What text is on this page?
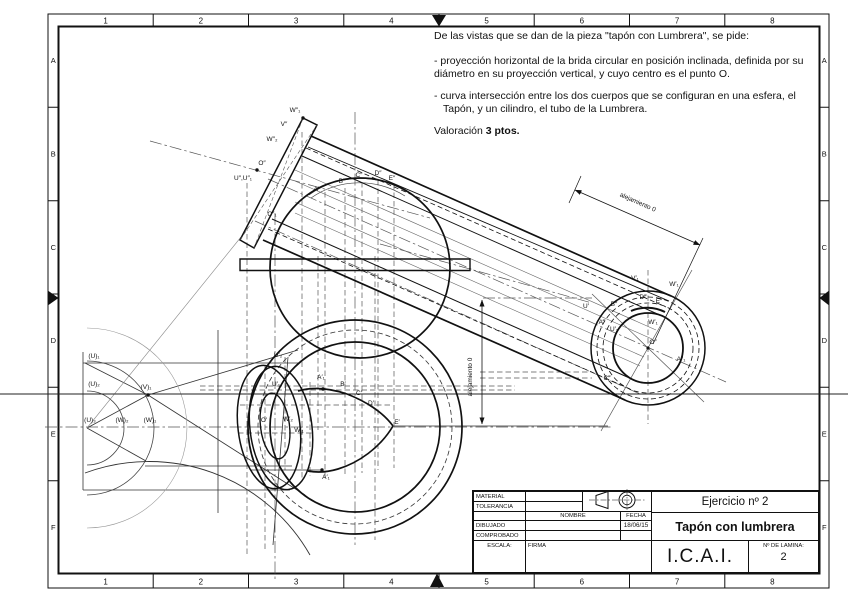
1
1
2
2
3
3
4
4
5
5
6
6
7
7
8
8
A	A
B	B
C	C
D	D
E	E
F	F
W″₁
V″
W″₂
O″
U″,U″₁
C″₁
A″
B″
C″ D″
E″
alejamiento 0
alejamiento 0
V′₁
W′₁
U′	B‴
D‴
E‴
A‴
U′₁
W′₁
O″
A″₁
C‴
(U)₁
(U)₂	(V)₁
(U)₃	(W)₂ (W)₁
U′₂
U′₁
O′ W′₂
W′₁
A′₁
B′
C′
D′
E′
A′₁
De las vistas que se dan de la pieza "tapón con Lumbrera", se pide:
- proyección horizontal de la brida circular en posición inclinada, definida por su
diámetro en su proyección vertical, y cuyo centro es el punto O.
- curva intersección entre los dos cuerpos que se configuran en una esfera, el
Tapón, y un cilindro, el tubo de la Lumbrera.
Valoración 3 ptos.
MATERIAL
TOLERANCIA
NOMBRE	FECHA
DIBUJADO	18/06/15
COMPROBADO
ESCALA:	FIRMA
Ejercicio nº 2
Tapón con lumbrera
I.C.A.I.	Nº DE LAMINA:
2
